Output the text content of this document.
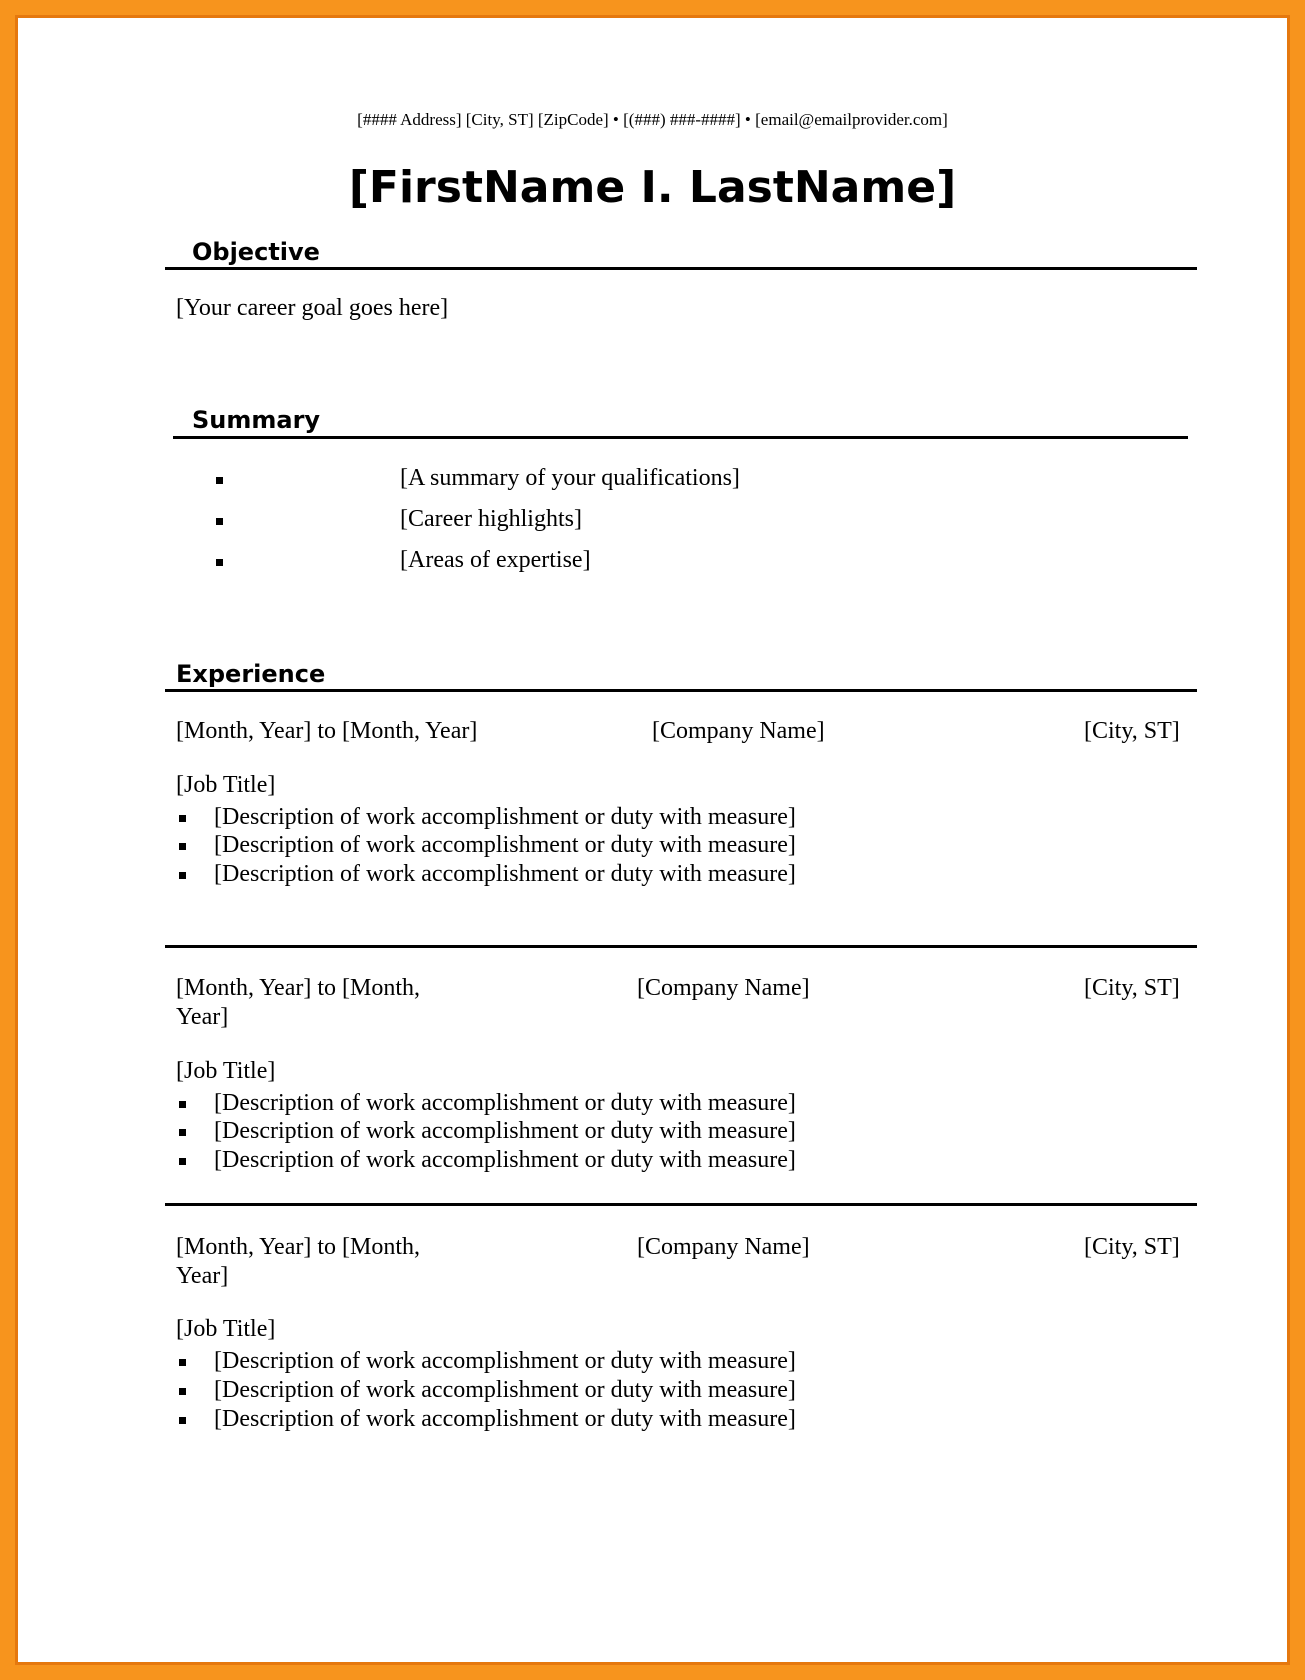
[#### Address] [City, ST] [ZipCode] • [(###) ###-####] • [email@emailprovider.com]
[FirstName I. LastName]
Objective
[Your career goal goes here]
Summary
[A summary of your qualifications]
[Career highlights]
[Areas of expertise]
Experience
[Month, Year] to [Month, Year]	[Company Name]	[City, ST]
[Job Title]
[Description of work accomplishment or duty with measure]
[Description of work accomplishment or duty with measure]
[Description of work accomplishment or duty with measure]
[Month, Year] to [Month,
Year]
[Company Name]	[City, ST]
[Job Title]
[Description of work accomplishment or duty with measure]
[Description of work accomplishment or duty with measure]
[Description of work accomplishment or duty with measure]
[Month, Year] to [Month,
Year]
[Company Name]	[City, ST]
[Job Title]
[Description of work accomplishment or duty with measure]
[Description of work accomplishment or duty with measure]
[Description of work accomplishment or duty with measure]
